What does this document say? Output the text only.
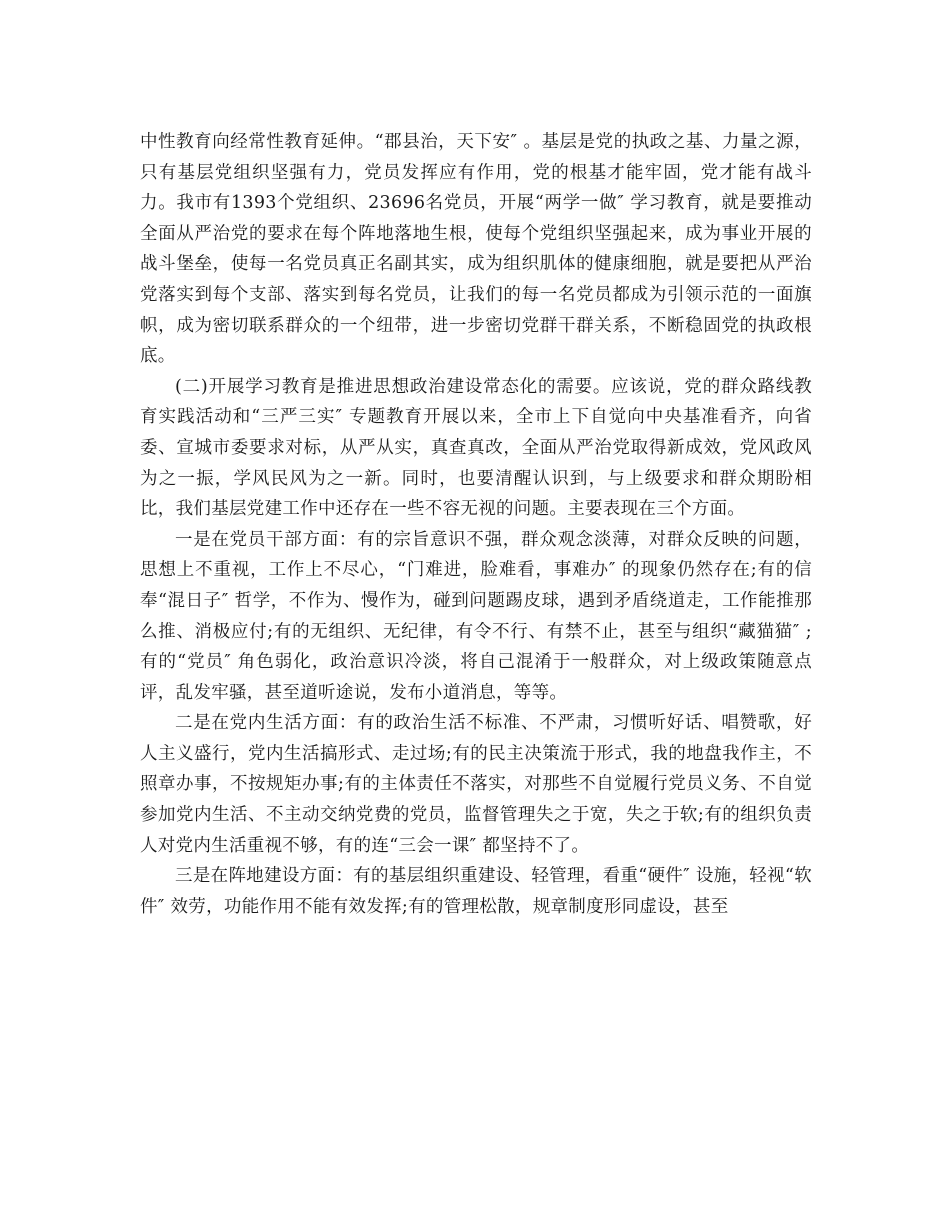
中性教育向经常性教育延伸。“郡县治，天下安″ 。基层是党的执政之基、力量之源，只有基层党组织坚强有力，党员发挥应有作用，党的根基才能牢固，党才能有战斗力。我市有1393个党组织、23696名党员，开展“两学一做″ 学习教育，就是要推动全面从严治党的要求在每个阵地落地生根，使每个党组织坚强起来，成为事业开展的战斗堡垒，使每一名党员真正名副其实，成为组织肌体的健康细胞，就是要把从严治党落实到每个支部、落实到每名党员，让我们的每一名党员都成为引领示范的一面旗帜，成为密切联系群众的一个纽带，进一步密切党群干群关系，不断稳固党的执政根底。

(二)开展学习教育是推进思想政治建设常态化的需要。应该说，党的群众路线教育实践活动和“三严三实″ 专题教育开展以来，全市上下自觉向中央基准看齐，向省委、宣城市委要求对标，从严从实，真查真改，全面从严治党取得新成效，党风政风为之一振，学风民风为之一新。同时，也要清醒认识到，与上级要求和群众期盼相比，我们基层党建工作中还存在一些不容无视的问题。主要表现在三个方面。

一是在党员干部方面：有的宗旨意识不强，群众观念淡薄，对群众反映的问题，思想上不重视，工作上不尽心，“门难进，脸难看，事难办″ 的现象仍然存在;有的信奉“混日子″ 哲学，不作为、慢作为，碰到问题踢皮球，遇到矛盾绕道走，工作能推那么推、消极应付;有的无组织、无纪律，有令不行、有禁不止，甚至与组织“藏猫猫″ ;有的“党员″ 角色弱化，政治意识冷淡，将自己混淆于一般群众，对上级政策随意点评，乱发牢骚，甚至道听途说，发布小道消息，等等。

二是在党内生活方面：有的政治生活不标准、不严肃，习惯听好话、唱赞歌，好人主义盛行，党内生活搞形式、走过场;有的民主决策流于形式，我的地盘我作主，不照章办事，不按规矩办事;有的主体责任不落实，对那些不自觉履行党员义务、不自觉参加党内生活、不主动交纳党费的党员，监督管理失之于宽，失之于软;有的组织负责人对党内生活重视不够，有的连“三会一课″ 都坚持不了。

三是在阵地建设方面：有的基层组织重建设、轻管理，看重“硬件″ 设施，轻视“软件″ 效劳，功能作用不能有效发挥;有的管理松散，规章制度形同虚设，甚至
